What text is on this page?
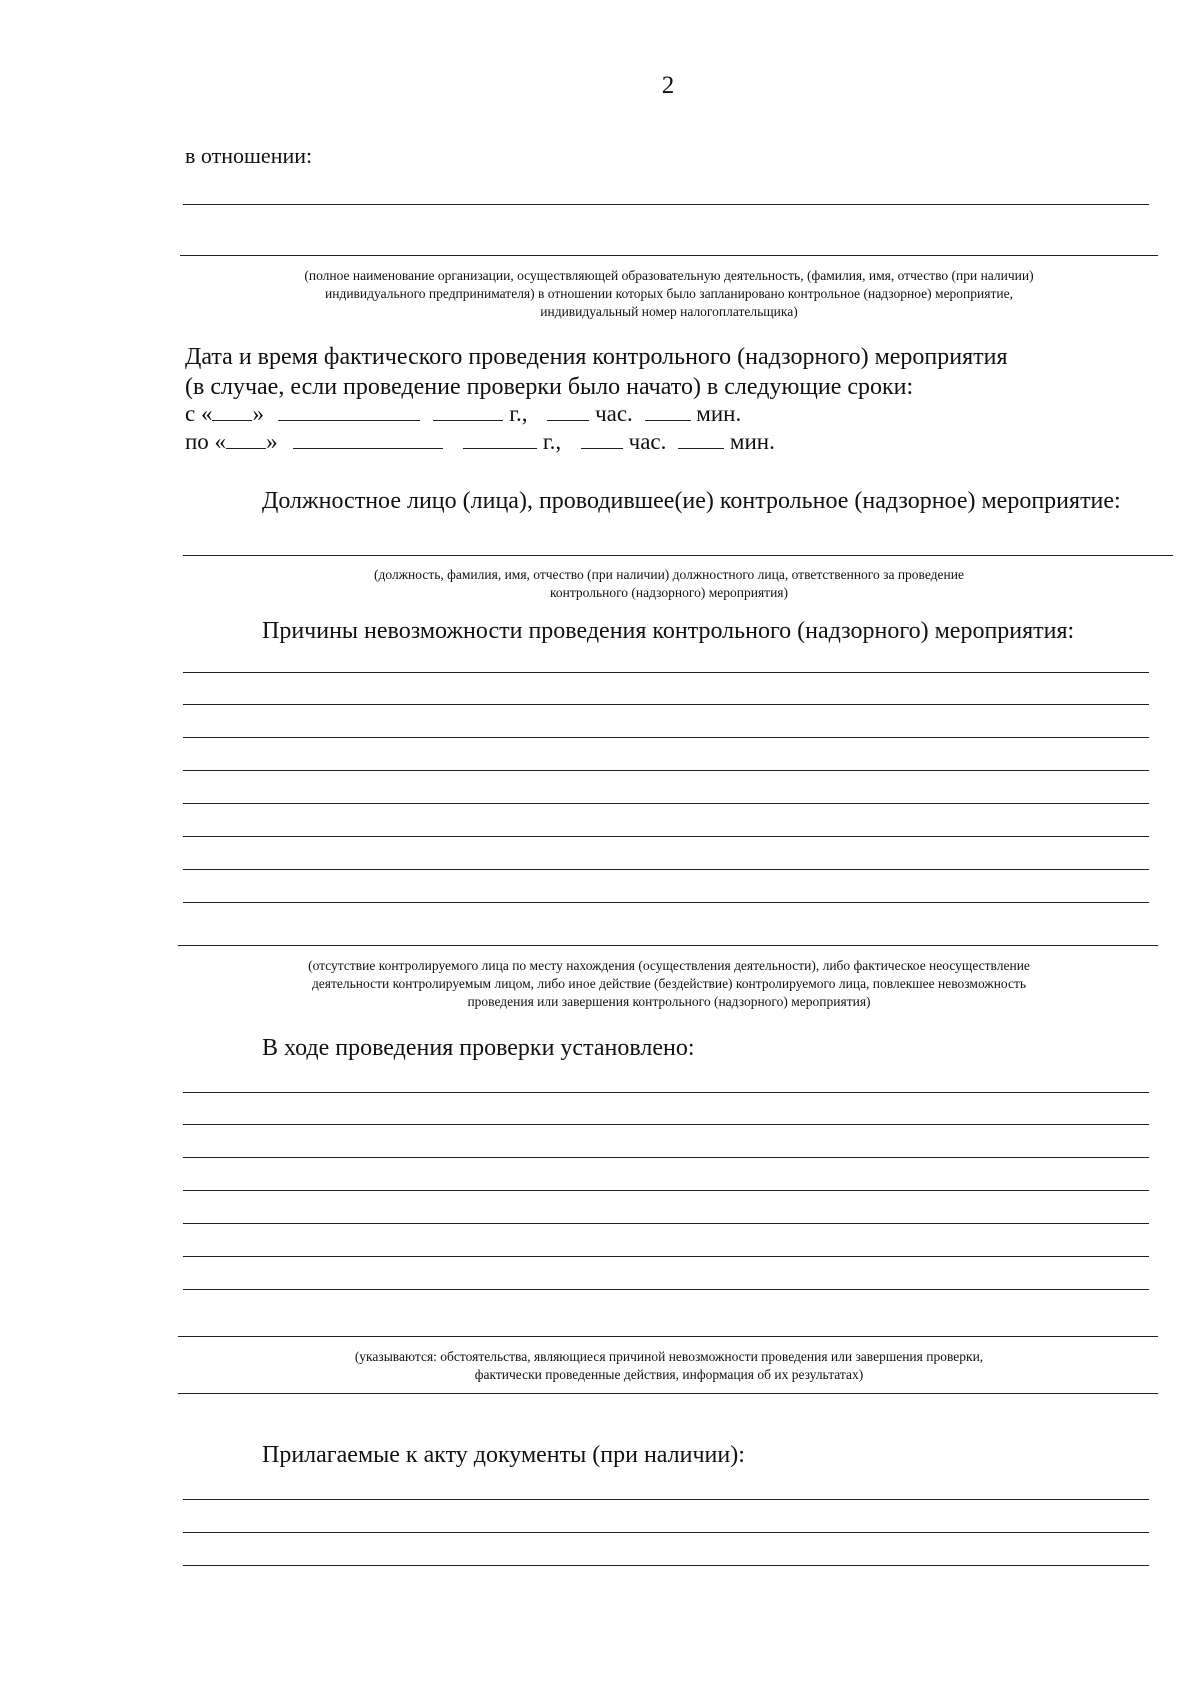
2
в отношении:
(полное наименование организации, осуществляющей образовательную деятельность, (фамилия, имя, отчество (при наличии)
индивидуального предпринимателя) в отношении которых было запланировано контрольное (надзорное) мероприятие,
индивидуальный номер налогоплательщика)
Дата и время фактического проведения контрольного (надзорного) мероприятия
(в случае, если проведение проверки было начато) в следующие сроки:
с « »	г.,	час.	мин.
по « »	г.,	час.	мин.
Должностное лицо (лица), проводившее(ие) контрольное (надзорное) мероприятие:
(должность, фамилия, имя, отчество (при наличии) должностного лица, ответственного за проведение
контрольного (надзорного) мероприятия)
Причины невозможности проведения контрольного (надзорного) мероприятия:
(отсутствие контролируемого лица по месту нахождения (осуществления деятельности), либо фактическое неосуществление
деятельности контролируемым лицом, либо иное действие (бездействие) контролируемого лица, повлекшее невозможность
проведения или завершения контрольного (надзорного) мероприятия)
В ходе проведения проверки установлено:
(указываются: обстоятельства, являющиеся причиной невозможности проведения или завершения проверки,
фактически проведенные действия, информация об их результатах)
Прилагаемые к акту документы (при наличии):
